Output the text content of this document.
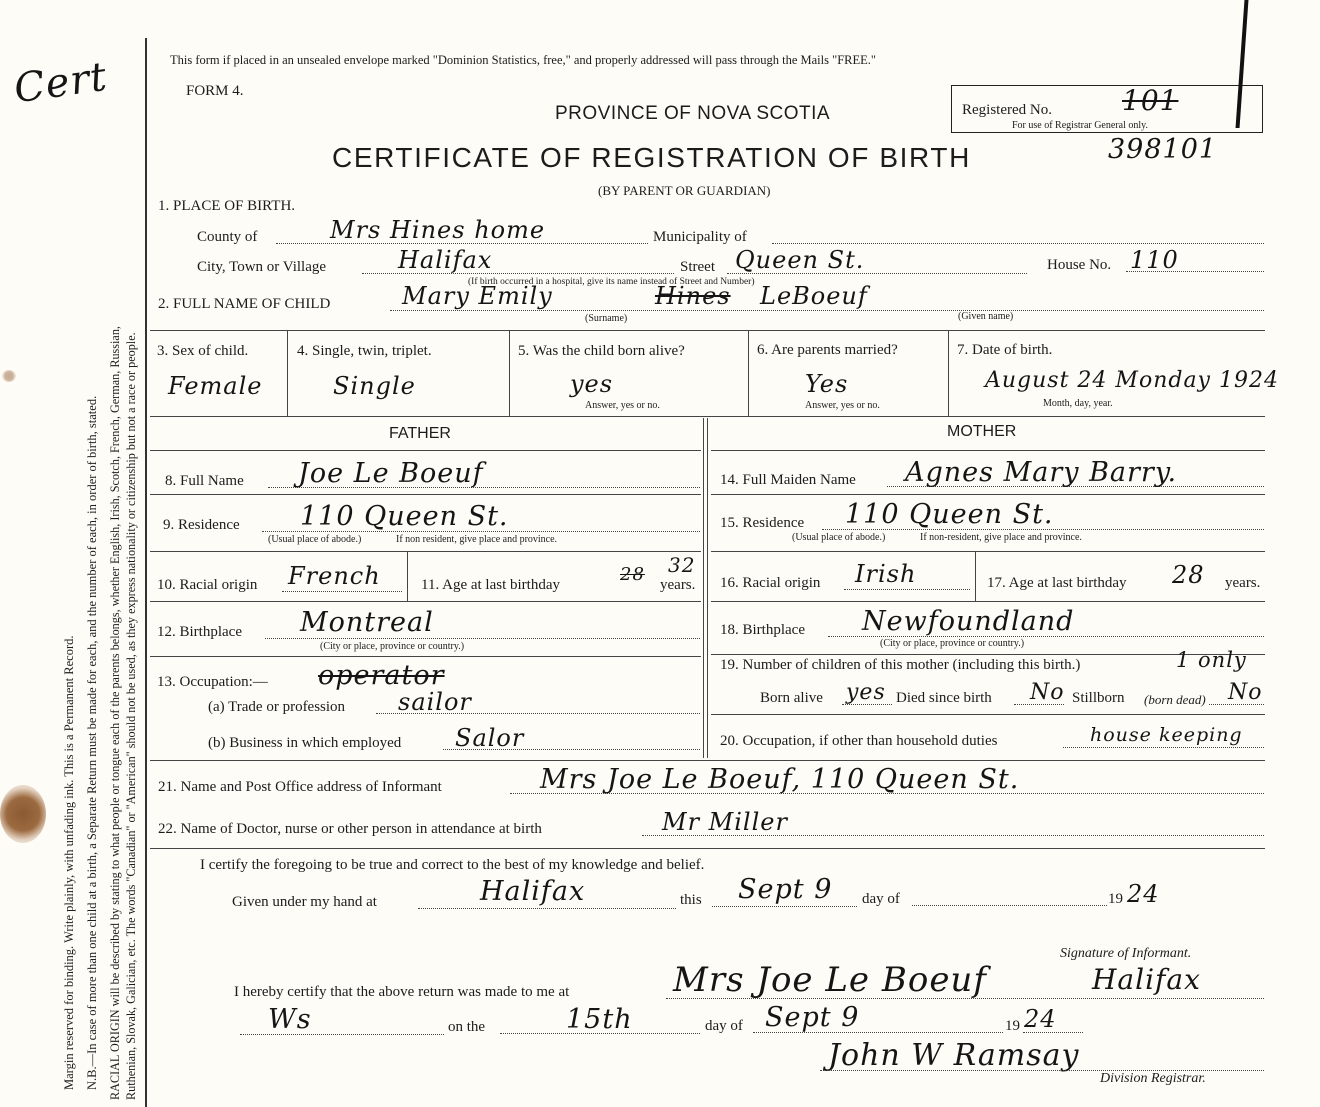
Cert
Margin reserved for binding. Write plainly, with unfading ink. This is a Permanent Record. N.B.—In case of more than one child at a birth, a Separate Return must be made for each, and the number of each, in order of birth, stated. RACIAL ORIGIN will be described by stating to what people or tongue each of the parents belongs, whether English, Irish, Scotch, French, German, Russian, Ruthenian, Slovak, Galician, etc. The words "Canadian" or "American" should not be used, as they express nationality or citizenship but not a race or people.
This form if placed in an unsealed envelope marked "Dominion Statistics, free," and properly addressed will pass through the Mails "FREE."
FORM 4.
PROVINCE OF NOVA SCOTIA
CERTIFICATE OF REGISTRATION OF BIRTH
(BY PARENT OR GUARDIAN)
398101
Registered No.	101
For use of Registrar General only.
1. PLACE OF BIRTH.
County of	Mrs Hines home	Municipality of
City, Town or Village	Halifax
(If birth occurred in a hospital, give its name instead of Street and Number)
Street Queen St.	House No. 110
2. FULL NAME OF CHILD	Mary Emily	Hines LeBoeuf
(Surname)	(Given name)
3. Sex of child.
Female
4. Single, twin, triplet.
Single
5. Was the child born alive?
yes
Answer, yes or no.
6. Are parents married?
Yes
Answer, yes or no.
7. Date of birth.
August 24 Monday 1924
Month, day, year.
FATHER	MOTHER
8. Full Name Joe Le Boeuf
9. Residence 110 Queen St.
(Usual place of abode.)	If non resident, give place and province.
10. Racial origin French	11. Age at last birthday	28 32
years.
12. Birthplace Montreal
(City or place, province or country.)
13. Occupation:— operator
(a) Trade or profession sailor
(b) Business in which employed Salor
14. Full Maiden Name Agnes Mary Barry.
15. Residence 110 Queen St.
(Usual place of abode.)	If non-resident, give place and province.
16. Racial origin Irish	17. Age at last birthday 28 years.
18. Birthplace Newfoundland
(City or place, province or country.)
19. Number of children of this mother (including this birth.)	1 only
Born alive yes Died since birth No Stillborn (born dead) No
20. Occupation, if other than household duties	house keeping
21. Name and Post Office address of Informant	Mrs Joe Le Boeuf, 110 Queen St.
22. Name of Doctor, nurse or other person in attendance at birth	Mr Miller
I certify the foregoing to be true and correct to the best of my knowledge and belief.
Given under my hand at	Halifax	this Sept 9 day of	19 24
Signature of Informant.
Mrs Joe Le Boeuf	Halifax
I hereby certify that the above return was made to me at
Ws	on the	15th	day of Sept 9	19 24
John W Ramsay
Division Registrar.
